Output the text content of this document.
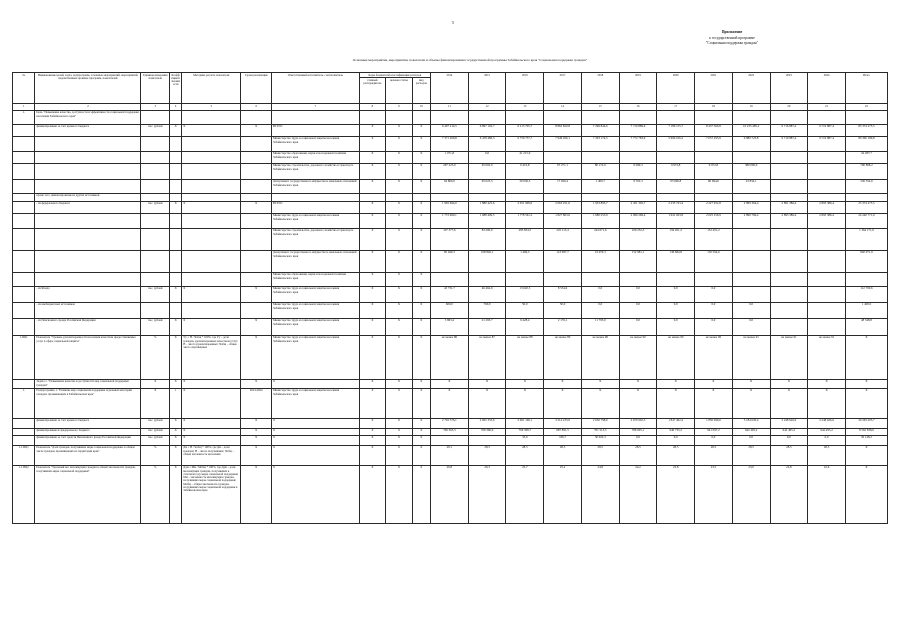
5
Приложение
к государственной программе
"Социальная поддержка граждан"
Основные мероприятия, мероприятия, показатели и объемы финансирования государственной программы Забайкальского края "Социальная поддержка граждан"
№	Наименование целей, задач, подпрограмм, основных мероприятий, мероприятий, ведомственных целевых программ, показателей	Единица измерения показателя	Коэффициент значимости	Методика расчета показателя	Сроки реализации	Ответственный исполнитель, соисполнитель	Коды бюджетной классификации расходов			2014	2015	2016	2017	2018	2019	2020	2021	2022	2023	2024	Итого
							главный распорядитель	целевая статья	вид расходов												
1	2	3	4	5	6	7	8	9	10	11	12	13	14	15	16	17	18	19	20	21	22
1.	Цель "Повышение качества, доступности и эффективности социальной поддержки населения Забайкальского края"																				
	финансирование за счет краевого бюджета	тыс. рублей	X	X	X	ВСЕГО	X	X	X	6 497 214,5	6 897 102,7	6 213 705,7	8 862 820,8	7 296 844,6	7 710 889,6	7 186 155,7	8 437 360,8	10 235 485,2	9 716 887,4	9 719 887,4	85 374 275,5
						Министерство труда и социальной защиты населения Забайкальского края	X	X	X	7 371 209,8	6 478 480,3	6 759 757,7	7 949 026,1	7 303 174,5	7 772 783,9	5 996 016,2	7 057 293,9	9 880 723,8	9 719 887,4	9 719 887,4	80 306 180,8
						Министерство образования, науки и молодежной политики Забайкальского края	X	X	X	1 071,8	0,0	41 215,9									42 287,7
						Министерство строительства, дорожного хозяйства и транспорта Забайкальского края	X	X	X	267 223,0	65 002,9	6 410,8	67 271,1	80 172,9	9 589,3	9 972,8	9 972,8	380 000,0			790 808,2
						Департамент государственного имущества и земельных отношений Забайкальского края	X	X	X	94 800,0	65 023,5	30 036,5	17 026,4	1 400,7	9 702,3	93 096,8	60 094,6	23 834,1			336 354,6
	кроме того, финансирование из других источников:																				
	- из федерального бюджета	тыс. рублей	X	X	X	ВСЕГО	X	X	X	1 965 694,0	1 880 425,6	2 051 909,0	2 063 251,6	1 953 895,7	2 451 302,7	2 233 723,4	2 227 952,8	2 899 364,4	2 891 386,4	2 893 386,4	25 374 275,5
						Министерство труда и социальной защиты населения Забайкальского края	X	X	X	1 772 960,1	1 688 409,5	1 778 561,2	1 827 803,6	1 680 253,9	2 099 269,4	1 941 623,8	2 025 256,9	2 890 784,4	2 893 386,4	2 893 386,4	24 240 771,9
						Министерство строительства, дорожного хозяйства и транспорта Забайкальского края	X	X	X	107 377,6	83 200,0	285 834,5	225 115,4	244 671,6	109 252,3	156 201,2	152 201,2				1 364 171,6
						Департамент государственного имущества и земельных отношений Забайкальского края	X	X	X	85 490,3	108 826,1	1 496,3	123 087,7	23 070,3	152 981,1	136 684,8	150 594,6				840 971,9
						Министерство образования, науки и молодежной политики Забайкальского края	X	X	X												
	- из Фонда	тыс. рублей	X	X	X	Министерство труда и социальной защиты населения Забайкальского края	X	X	X	43 731,7	46 464,9	13 620,5	8 534,6	0,0	0,0	0,0	0,0				112 700,6
	- из внебюджетных источников					Министерство труда и социальной защиты населения Забайкальского края	X	X	X	600,0	700,0	50,0	50,0	0,0	0,0	0,0	0,0	0,0			1 400,0
	- из Пенсионного фонда Российской Федерации	тыс. рублей	X	X	X	Министерство труда и социальной защиты населения Забайкальского края	X	X	X	5 863,4	21 293,7	6 428,4	2 176,1	11 793,0	0,0	0,0	0,0	0,0			48 548,8
1.ПЦ1	Показатель "Уровень удовлетворенности населения качеством предоставляемых услуг в сфере социальной защиты"	%	X	Уу = Н / Чобщ * 100%, где Уу – доля граждан, удовлетворенных качеством услуг; Н – число удовлетворенных; Чобщ – общее число опрошенных	X	Министерство труда и социальной защиты населения Забайкальского края	X	X	X	не менее 86	не менее 87	не менее 88	не менее 89	не менее 90	не менее 90	не менее 90	не менее 90	не менее 91	не менее 91	не менее 91	X
	Задача 1. "Повышение качества и доступности мер социальной поддержки граждан"	X	X	X	X	X	X	X	X	X	X	X	X	X	X	X	X	X	X	X	X
1.	Подпрограмма 1. "Развитие мер социальной поддержки отдельных категорий граждан, проживающих в Забайкальском крае"	X	1	X	2014-2024	Министерство труда и социальной защиты населения Забайкальского края	X	X	X	X	X	X	X	X	X	X	X	X	X	X	X
	финансирование за счет краевого бюджета	тыс. рублей	X	X	X	X	X	X	X	2 702 376,1	2 605 333,9	2 961 106,1	3 214 233,9	2 656 798,0	2 679 902,3	1 847 402,4	1 850 099,6	3 184 020,4	2 248 626,6	2 248 626,6	29 263 205,7
	финансирование из федерального бюджета	тыс. рублей	X	X	X	X	X	X	X	796 365,3	708 360,9	706 308,7	687 891,5	701 513,5	786 005,1	940 735,2	941 097,2	942 495,2	942 495,2	942 495,2	8 562 838,6
	финансирование за счет средств Пенсионного фонда Российской Федерации	тыс. рублей	X	X	X	X	X	X	X			33,0	106,7	30 022,3	0,0	0,0	0,0	0,0	0,0	0,0	30 148,2
1.1.ПЦ1	Показатель "Доля граждан, получивших меры социальной поддержки, в общем числе граждан, проживающих на территории края"	%	X	Дм = Н / Чобщ * 100%, где Дм – доля граждан; Н – число получивших; Чобщ – общая численность населения	X	X	X	X	X	28,1	28,3	28,5	28,5	28,5	28,5	28,5	28,5	28,5	28,5	28,5	X
1.1.ПЦ2	Показатель "Удельный вес малоимущих граждан в общей численности граждан, получивших меры социальной поддержки"	%	X	Ддм = Мм / Мобщ * 100%, где Ддм – доля малоимущих граждан, получивших в отчетном году меры социальной поддержки; Мм – численность малоимущих граждан, получивших меры социальной поддержки; Мобщ – общая численность граждан, получивших меры социальной поддержки в Забайкальском крае	X	X	X	X	X	26,8	26,3	25,7	25,2	24,8	24,2	23,8	23,5	23,0	22,8	22,6	X
